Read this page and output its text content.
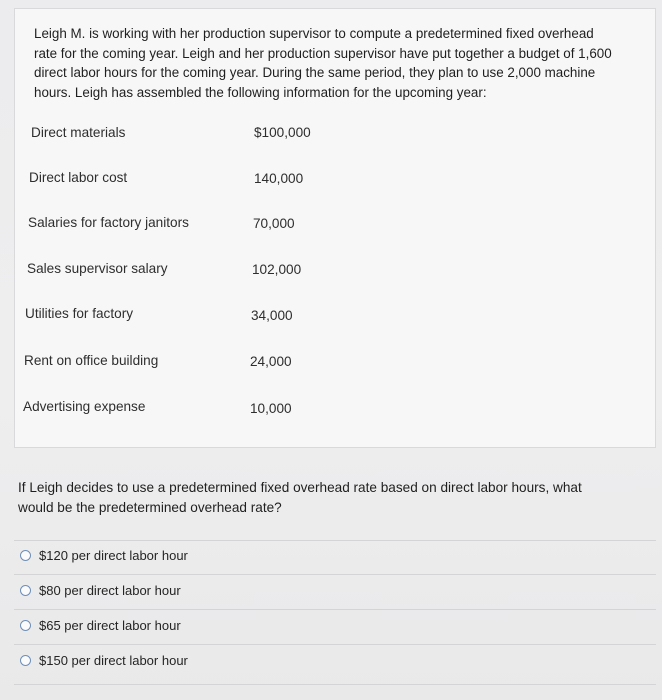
Leigh M. is working with her production supervisor to compute a predetermined fixed overhead
rate for the coming year. Leigh and her production supervisor have put together a budget of 1,600
direct labor hours for the coming year. During the same period, they plan to use 2,000 machine
hours. Leigh has assembled the following information for the upcoming year:
Direct materials	$100,000
Direct labor cost	140,000
Salaries for factory janitors	70,000
Sales supervisor salary	102,000
Utilities for factory	34,000
Rent on office building	24,000
Advertising expense	10,000
If Leigh decides to use a predetermined fixed overhead rate based on direct labor hours, what
would be the predetermined overhead rate?
$120 per direct labor hour
$80 per direct labor hour
$65 per direct labor hour
$150 per direct labor hour
